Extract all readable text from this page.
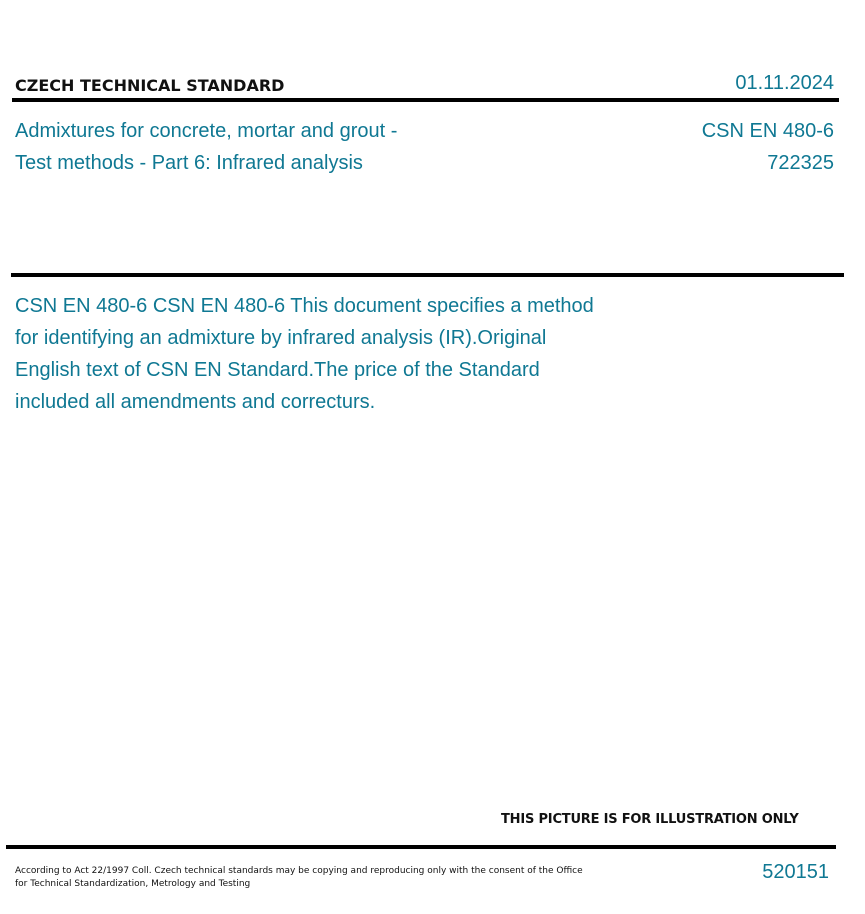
CZECH TECHNICAL STANDARD	01.11.2024
Admixtures for concrete, mortar and grout -
Test methods - Part 6: Infrared analysis
CSN EN 480-6
722325
CSN EN 480-6 CSN EN 480-6 This document specifies a method
for identifying an admixture by infrared analysis (IR).Original
English text of CSN EN Standard.The price of the Standard
included all amendments and correcturs.
THIS PICTURE IS FOR ILLUSTRATION ONLY
According to Act 22/1997 Coll. Czech technical standards may be copying and reproducing only with the consent of the Office
for Technical Standardization, Metrology and Testing
520151
